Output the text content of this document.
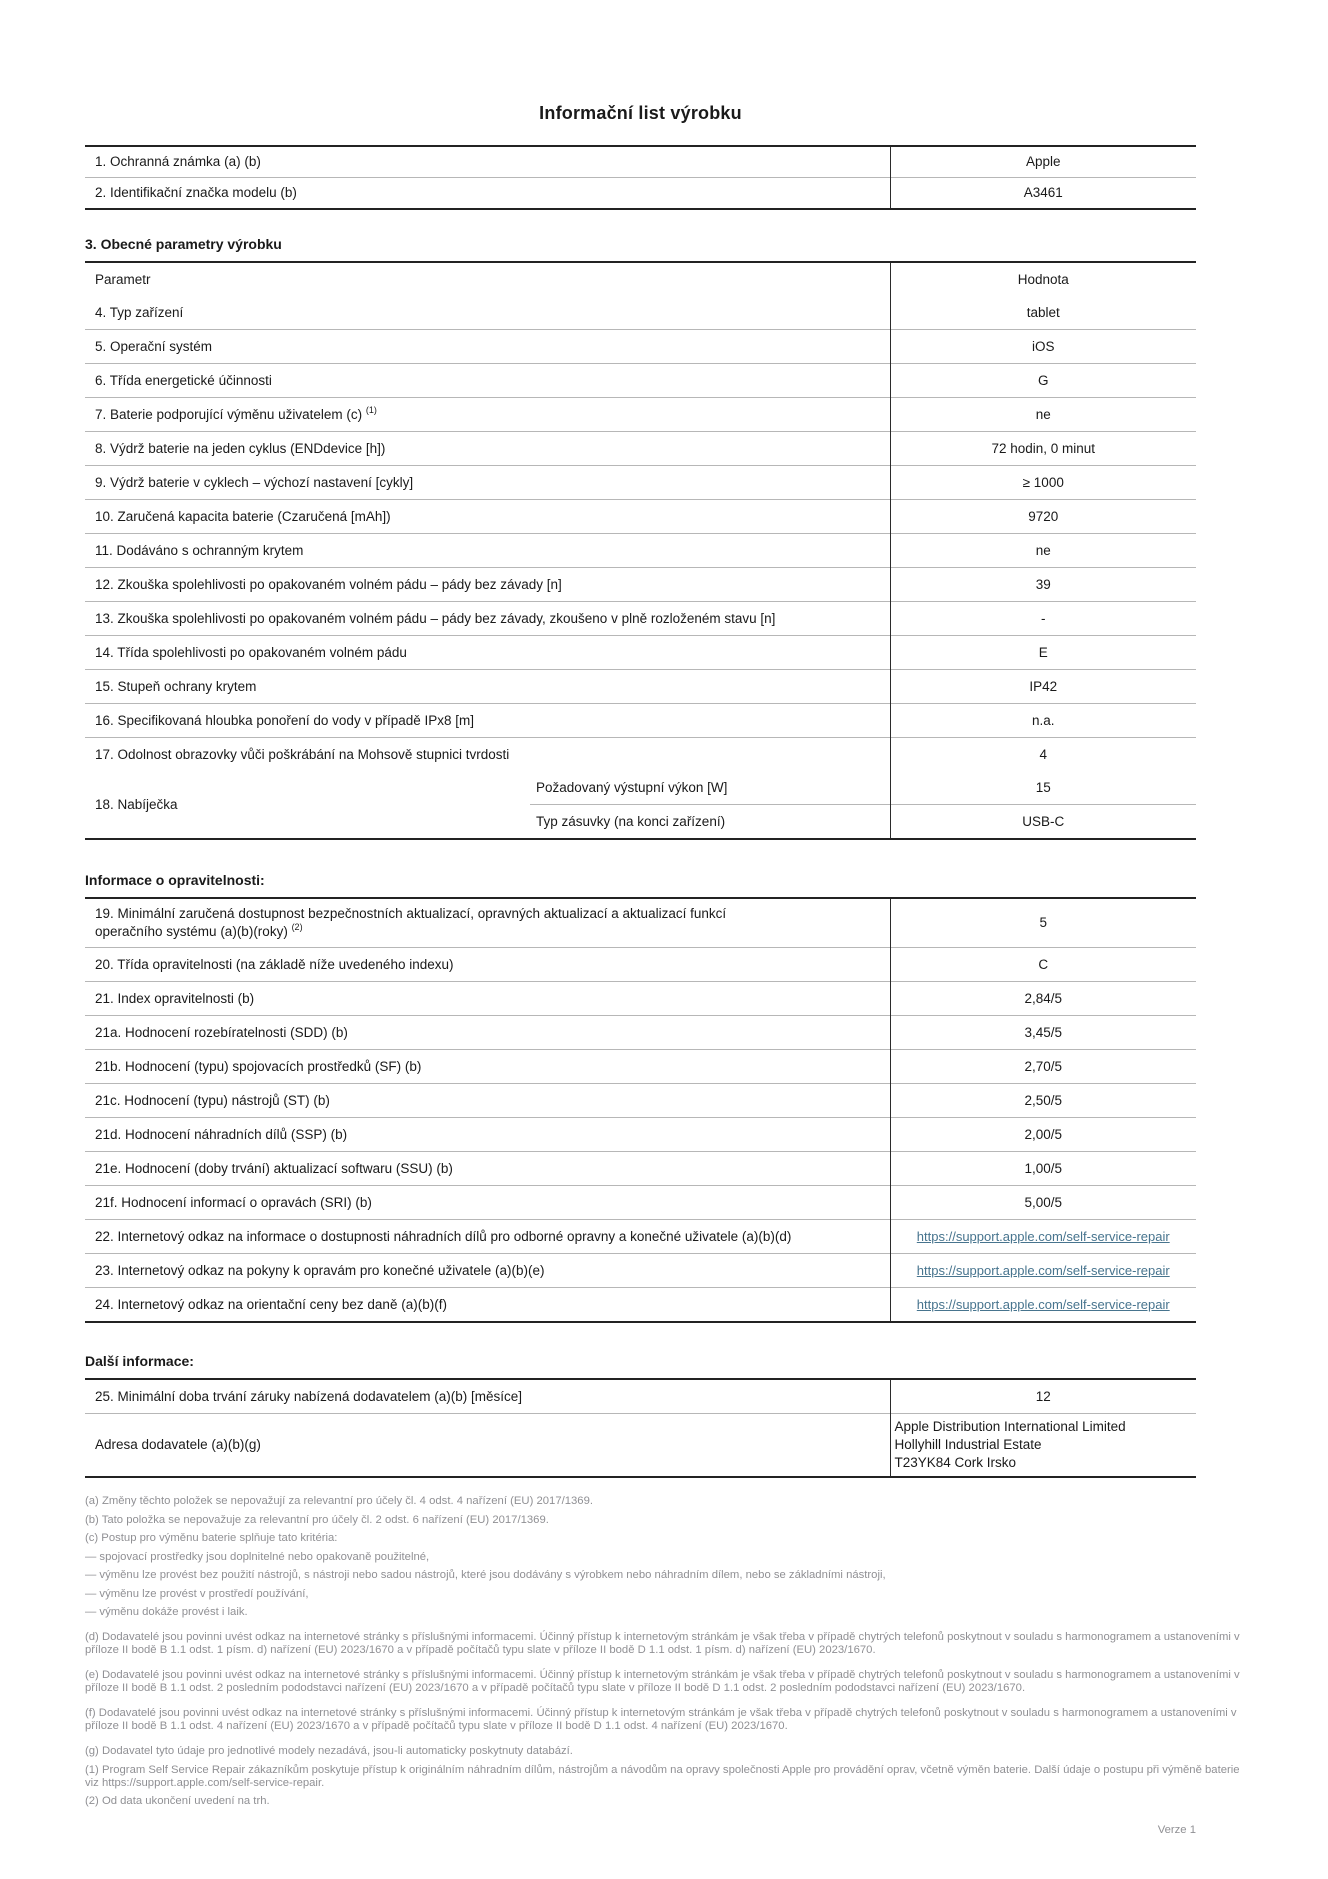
Informační list výrobku
1. Ochranná známka (a) (b)	Apple
2. Identifikační značka modelu (b)	A3461
3. Obecné parametry výrobku
Parametr		Hodnota
4. Typ zařízení		tablet
5. Operační systém		iOS
6. Třída energetické účinnosti		G
7. Baterie podporující výměnu uživatelem (c) $^{(1)}$		ne
8. Výdrž baterie na jeden cyklus (ENDdevice [h])		72 hodin, 0 minut
9. Výdrž baterie v cyklech – výchozí nastavení [cykly]		≥ 1000
10. Zaručená kapacita baterie (Czaručená [mAh])		9720
11. Dodáváno s ochranným krytem		ne
12. Zkouška spolehlivosti po opakovaném volném pádu – pády bez závady [n]		39
13. Zkouška spolehlivosti po opakovaném volném pádu – pády bez závady, zkoušeno v plně rozloženém stavu [n]		-
14. Třída spolehlivosti po opakovaném volném pádu		E
15. Stupeň ochrany krytem		IP42
16. Specifikovaná hloubka ponoření do vody v případě IPx8 [m]		n.a.
17. Odolnost obrazovky vůči poškrábání na Mohsově stupnici tvrdosti		4
18. Nabíječka	Požadovaný výstupní výkon [W]	15
	Typ zásuvky (na konci zařízení)	USB-C
Informace o opravitelnosti:
19. Minimální zaručená dostupnost bezpečnostních aktualizací, opravných aktualizací a aktualizací funkcí operačního systému (a)(b)(roky) $^{(2)}$	5
20. Třída opravitelnosti (na základě níže uvedeného indexu)	C
21. Index opravitelnosti (b)	2,84/5
21a. Hodnocení rozebíratelnosti (SDD) (b)	3,45/5
21b. Hodnocení (typu) spojovacích prostředků (SF) (b)	2,70/5
21c. Hodnocení (typu) nástrojů (ST) (b)	2,50/5
21d. Hodnocení náhradních dílů (SSP) (b)	2,00/5
21e. Hodnocení (doby trvání) aktualizací softwaru (SSU) (b)	1,00/5
21f. Hodnocení informací o opravách (SRI) (b)	5,00/5
22. Internetový odkaz na informace o dostupnosti náhradních dílů pro odborné opravny a konečné uživatele (a)(b)(d)	https://support.apple.com/self-service-repair
23. Internetový odkaz na pokyny k opravám pro konečné uživatele (a)(b)(e)	https://support.apple.com/self-service-repair
24. Internetový odkaz na orientační ceny bez daně (a)(b)(f)	https://support.apple.com/self-service-repair
Další informace:
25. Minimální doba trvání záruky nabízená dodavatelem (a)(b) [měsíce]	12
Adresa dodavatele (a)(b)(g)	Apple Distribution International Limited
Hollyhill Industrial Estate
T23YK84 Cork Irsko
(a) Změny těchto položek se nepovažují za relevantní pro účely čl. 4 odst. 4 nařízení (EU) 2017/1369.
(b) Tato položka se nepovažuje za relevantní pro účely čl. 2 odst. 6 nařízení (EU) 2017/1369.
(c) Postup pro výměnu baterie splňuje tato kritéria:
— spojovací prostředky jsou doplnitelné nebo opakovaně použitelné,
— výměnu lze provést bez použití nástrojů, s nástroji nebo sadou nástrojů, které jsou dodávány s výrobkem nebo náhradním dílem, nebo se základními nástroji,
— výměnu lze provést v prostředí používání,
— výměnu dokáže provést i laik.
(d) Dodavatelé jsou povinni uvést odkaz na internetové stránky s příslušnými informacemi. Účinný přístup k internetovým stránkám je však třeba v případě chytrých telefonů poskytnout v souladu s harmonogramem a ustanoveními v příloze II bodě B 1.1 odst. 1 písm. d) nařízení (EU) 2023/1670 a v případě počítačů typu slate v příloze II bodě D 1.1 odst. 1 písm. d) nařízení (EU) 2023/1670.
(e) Dodavatelé jsou povinni uvést odkaz na internetové stránky s příslušnými informacemi. Účinný přístup k internetovým stránkám je však třeba v případě chytrých telefonů poskytnout v souladu s harmonogramem a ustanoveními v příloze II bodě B 1.1 odst. 2 posledním pododstavci nařízení (EU) 2023/1670 a v případě počítačů typu slate v příloze II bodě D 1.1 odst. 2 posledním pododstavci nařízení (EU) 2023/1670.
(f) Dodavatelé jsou povinni uvést odkaz na internetové stránky s příslušnými informacemi. Účinný přístup k internetovým stránkám je však třeba v případě chytrých telefonů poskytnout v souladu s harmonogramem a ustanoveními v příloze II bodě B 1.1 odst. 4 nařízení (EU) 2023/1670 a v případě počítačů typu slate v příloze II bodě D 1.1 odst. 4 nařízení (EU) 2023/1670.
(g) Dodavatel tyto údaje pro jednotlivé modely nezadává, jsou-li automaticky poskytnuty databází.
(1) Program Self Service Repair zákazníkům poskytuje přístup k originálním náhradním dílům, nástrojům a návodům na opravy společnosti Apple pro provádění oprav, včetně výměn baterie. Další údaje o postupu při výměně baterie viz https://support.apple.com/self-service-repair.
(2) Od data ukončení uvedení na trh.
Verze 1
